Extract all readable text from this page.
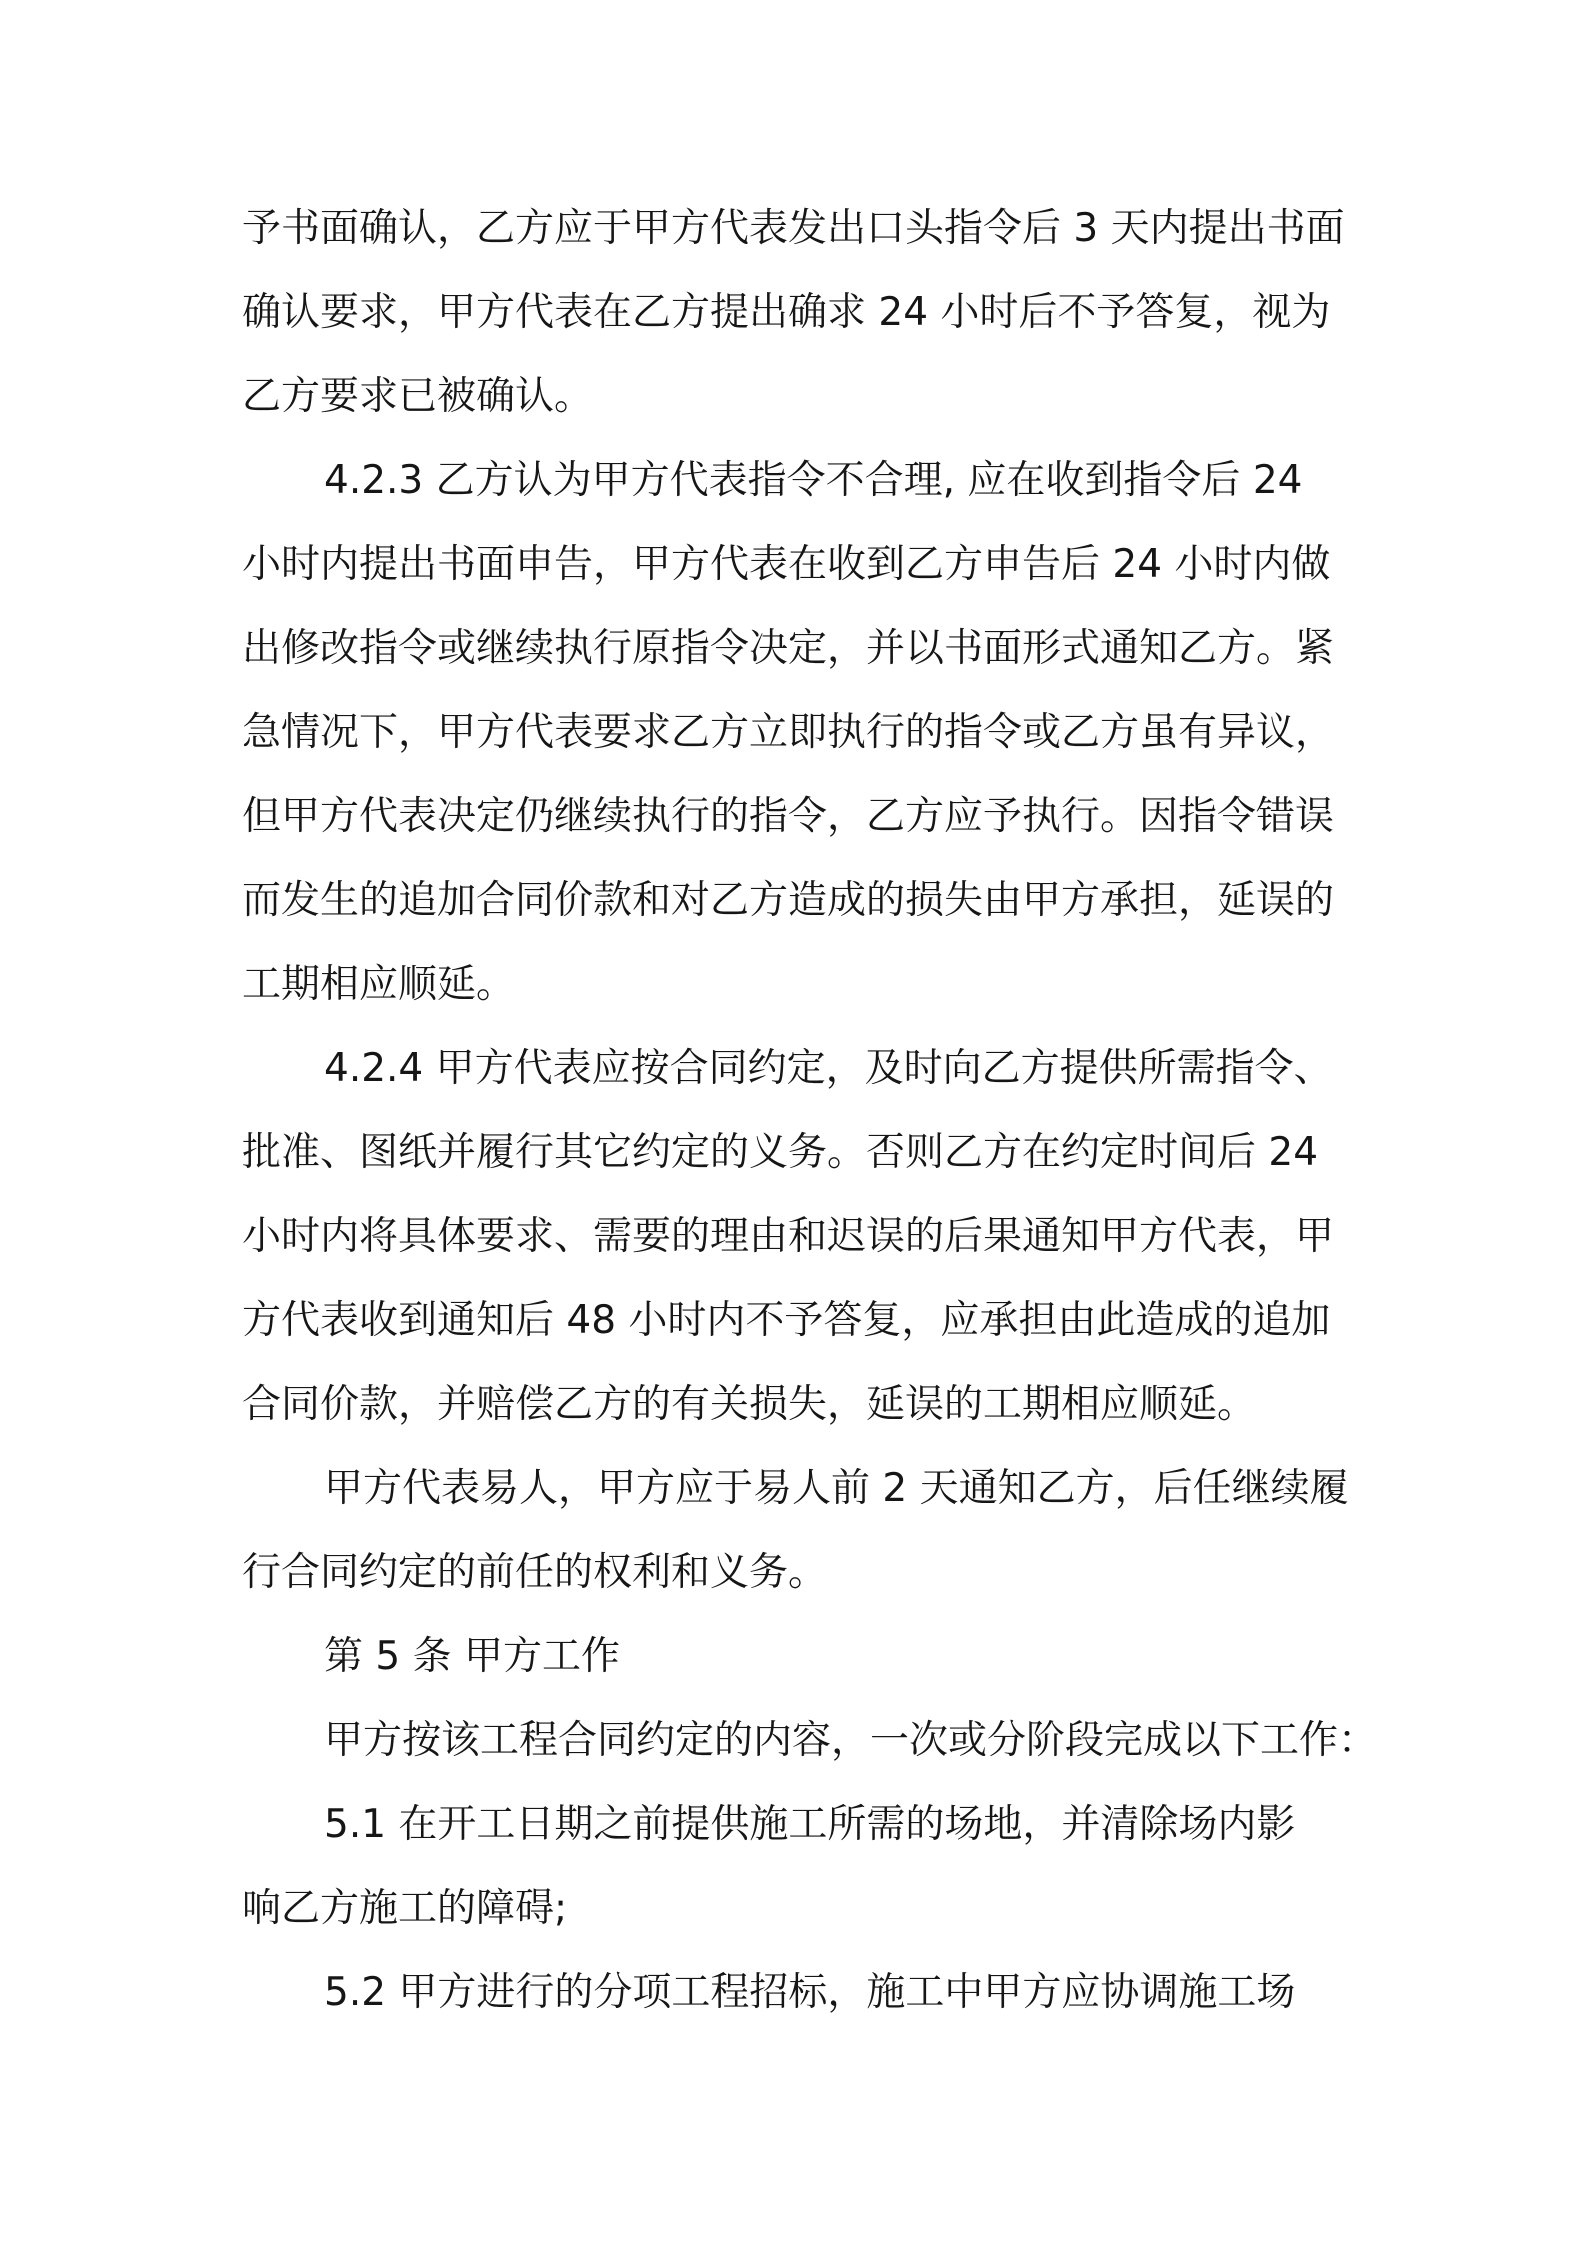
予书面确认，乙方应于甲方代表发出口头指令后 3 天内提出书面
确认要求，甲方代表在乙方提出确求 24 小时后不予答复，视为
乙方要求已被确认。
4.2.3 乙方认为甲方代表指令不合理, 应在收到指令后 24
小时内提出书面申告，甲方代表在收到乙方申告后 24 小时内做
出修改指令或继续执行原指令决定，并以书面形式通知乙方。紧
急情况下，甲方代表要求乙方立即执行的指令或乙方虽有异议，
但甲方代表决定仍继续执行的指令，乙方应予执行。因指令错误
而发生的追加合同价款和对乙方造成的损失由甲方承担，延误的
工期相应顺延。
4.2.4 甲方代表应按合同约定，及时向乙方提供所需指令、
批准、图纸并履行其它约定的义务。否则乙方在约定时间后 24
小时内将具体要求、需要的理由和迟误的后果通知甲方代表，甲
方代表收到通知后 48 小时内不予答复，应承担由此造成的追加
合同价款，并赔偿乙方的有关损失，延误的工期相应顺延。
甲方代表易人，甲方应于易人前 2 天通知乙方，后任继续履
行合同约定的前任的权利和义务。
第 5 条 甲方工作
甲方按该工程合同约定的内容，一次或分阶段完成以下工作：
5.1 在开工日期之前提供施工所需的场地，并清除场内影
响乙方施工的障碍;
5.2 甲方进行的分项工程招标，施工中甲方应协调施工场
